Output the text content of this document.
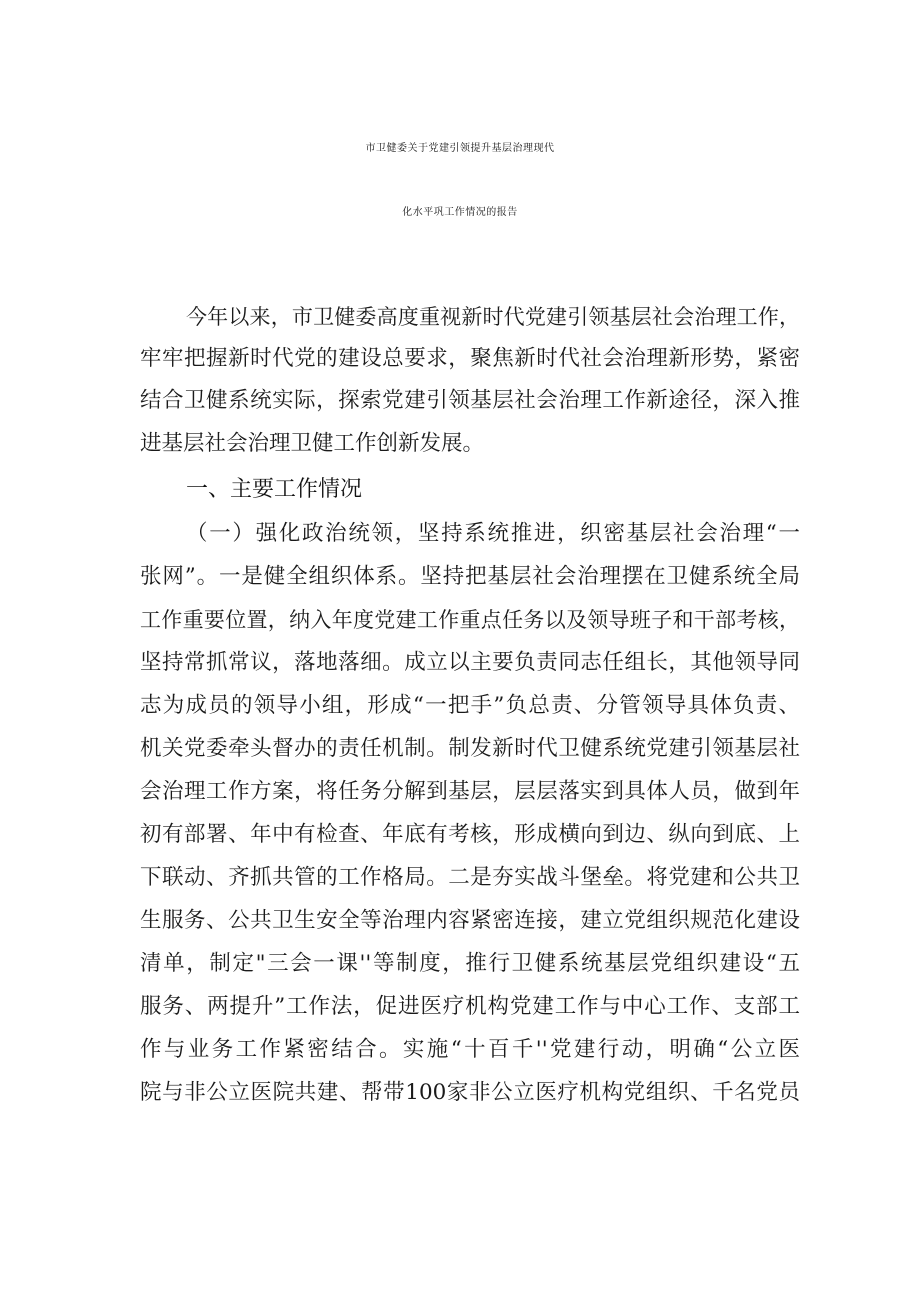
市卫健委关于党建引领提升基层治理现代
化水平巩工作情况的报告
今年以来，市卫健委高度重视新时代党建引领基层社会治理工作，
牢牢把握新时代党的建设总要求，聚焦新时代社会治理新形势，紧密
结合卫健系统实际，探索党建引领基层社会治理工作新途径，深入推
进基层社会治理卫健工作创新发展。
一、主要工作情况
（一）强化政治统领，坚持系统推进，织密基层社会治理“一
张网”。一是健全组织体系。坚持把基层社会治理摆在卫健系统全局
工作重要位置，纳入年度党建工作重点任务以及领导班子和干部考核，
坚持常抓常议，落地落细。成立以主要负责同志任组长，其他领导同
志为成员的领导小组，形成“一把手”负总责、分管领导具体负责、
机关党委牵头督办的责任机制。制发新时代卫健系统党建引领基层社
会治理工作方案，将任务分解到基层，层层落实到具体人员，做到年
初有部署、年中有检查、年底有考核，形成横向到边、纵向到底、上
下联动、齐抓共管的工作格局。二是夯实战斗堡垒。将党建和公共卫
生服务、公共卫生安全等治理内容紧密连接，建立党组织规范化建设
清单，制定"三会一课''等制度，推行卫健系统基层党组织建设“五
服务、两提升”工作法，促进医疗机构党建工作与中心工作、支部工
作与业务工作紧密结合。实施“十百千''党建行动，明确“公立医
院与非公立医院共建、帮带100家非公立医疗机构党组织、千名党员
